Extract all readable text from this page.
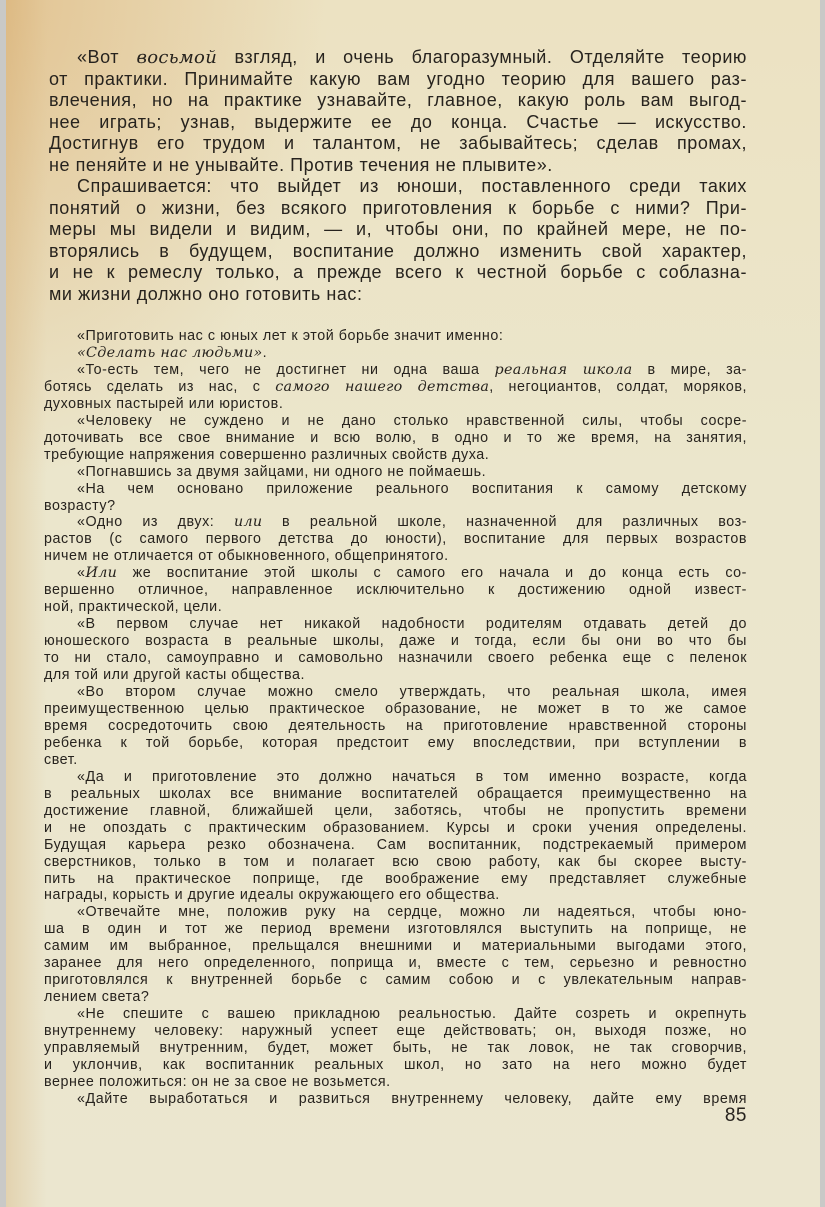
«Вот восьмой взгляд, и очень благоразумный. Отделяйте теорию
от практики. Принимайте какую вам угодно теорию для вашего раз-
влечения, но на практике узнавайте, главное, какую роль вам выгод-
нее играть; узнав, выдержите ее до конца. Счастье — искусство.
Достигнув его трудом и талантом, не забывайтесь; сделав промах,
не пеняйте и не унывайте. Против течения не плывите».
Спрашивается: что выйдет из юноши, поставленного среди таких
понятий о жизни, без всякого приготовления к борьбе с ними? При-
меры мы видели и видим, — и, чтобы они, по крайней мере, не по-
вторялись в будущем, воспитание должно изменить свой характер,
и не к ремеслу только, а прежде всего к честной борьбе с соблазна-
ми жизни должно оно готовить нас:
«Приготовить нас с юных лет к этой борьбе значит именно:
«Сделать нас людьми».
«То-есть тем, чего не достигнет ни одна ваша реальная школа в мире, за-
ботясь сделать из нас, с самого нашего детства, негоциантов, солдат, моряков,
духовных пастырей или юристов.
«Человеку не суждено и не дано столько нравственной силы, чтобы сосре-
доточивать все свое внимание и всю волю, в одно и то же время, на занятия,
требующие напряжения совершенно различных свойств духа.
«Погнавшись за двумя зайцами, ни одного не поймаешь.
«На чем основано приложение реального воспитания к самому детскому
возрасту?
«Одно из двух: или в реальной школе, назначенной для различных воз-
растов (с самого первого детства до юности), воспитание для первых возрастов
ничем не отличается от обыкновенного, общепринятого.
«Или же воспитание этой школы с самого его начала и до конца есть со-
вершенно отличное, направленное исключительно к достижению одной извест-
ной, практической, цели.
«В первом случае нет никакой надобности родителям отдавать детей до
юношеского возраста в реальные школы, даже и тогда, если бы они во что бы
то ни стало, самоуправно и самовольно назначили своего ребенка еще с пеленок
для той или другой касты общества.
«Во втором случае можно смело утверждать, что реальная школа, имея
преимущественною целью практическое образование, не может в то же самое
время сосредоточить свою деятельность на приготовление нравственной стороны
ребенка к той борьбе, которая предстоит ему впоследствии, при вступлении в
свет.
«Да и приготовление это должно начаться в том именно возрасте, когда
в реальных школах все внимание воспитателей обращается преимущественно на
достижение главной, ближайшей цели, заботясь, чтобы не пропустить времени
и не опоздать с практическим образованием. Курсы и сроки учения определены.
Будущая карьера резко обозначена. Сам воспитанник, подстрекаемый примером
сверстников, только в том и полагает всю свою работу, как бы скорее высту-
пить на практическое поприще, где воображение ему представляет служебные
награды, корысть и другие идеалы окружающего его общества.
«Отвечайте мне, положив руку на сердце, можно ли надеяться, чтобы юно-
ша в один и тот же период времени изготовлялся выступить на поприще, не
самим им выбранное, прельщался внешними и материальными выгодами этого,
заранее для него определенного, поприща и, вместе с тем, серьезно и ревностно
приготовлялся к внутренней борьбе с самим собою и с увлекательным направ-
лением света?
«Не спешите с вашею прикладною реальностью. Дайте созреть и окрепнуть
внутреннему человеку: наружный успеет еще действовать; он, выходя позже, но
управляемый внутренним, будет, может быть, не так ловок, не так сговорчив,
и уклончив, как воспитанник реальных школ, но зато на него можно будет
вернее положиться: он не за свое не возьмется.
«Дайте выработаться и развиться внутреннему человеку, дайте ему время
85
